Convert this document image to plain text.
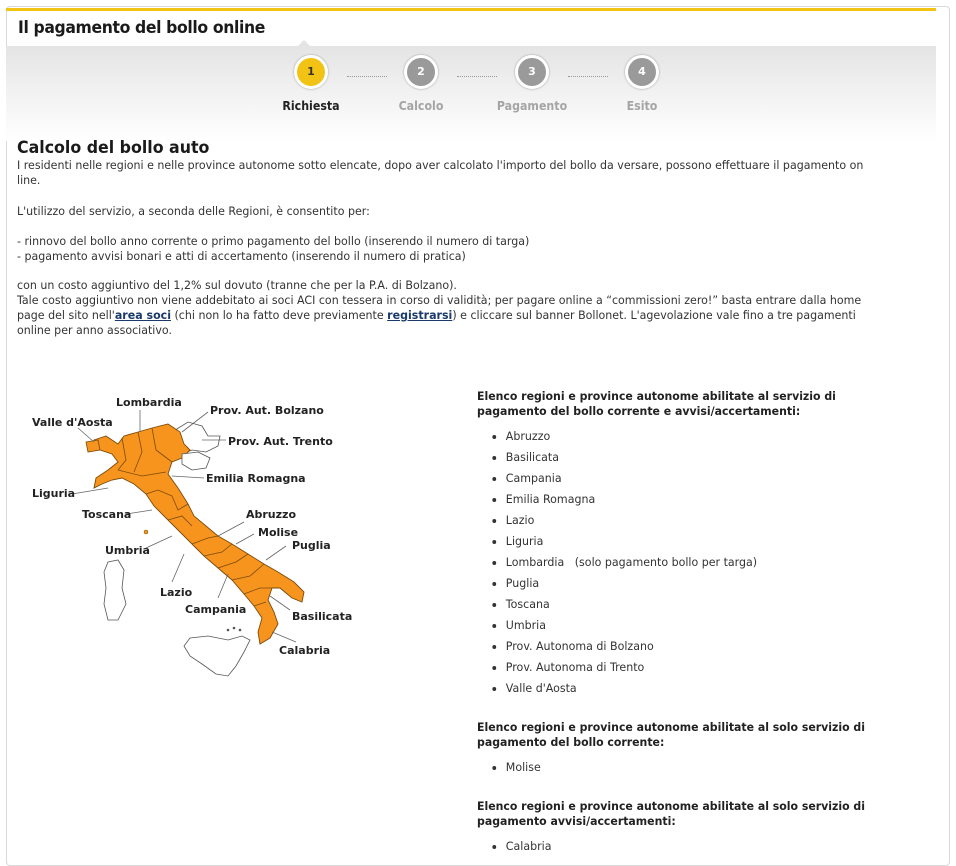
Il pagamento del bollo online
1
Richiesta
2
Calcolo
3
Pagamento
4
Esito
Calcolo del bollo auto
I residenti nelle regioni e nelle province autonome sotto elencate, dopo aver calcolato l'importo del bollo da versare, possono effettuare il pagamento on line.
L'utilizzo del servizio, a seconda delle Regioni, è consentito per:
- rinnovo del bollo anno corrente o primo pagamento del bollo (inserendo il numero di targa)
- pagamento avvisi bonari e atti di accertamento (inserendo il numero di pratica)
con un costo aggiuntivo del 1,2% sul dovuto (tranne che per la P.A. di Bolzano).
Tale costo aggiuntivo non viene addebitato ai soci ACI con tessera in corso di validità; per pagare online a “commissioni zero!” basta entrare dalla home page del sito nell'area soci (chi non lo ha fatto deve previamente registrarsi) e cliccare sul banner Bollonet. L'agevolazione vale fino a tre pagamenti online per anno associativo.
Lombardia
Prov. Aut. Bolzano
Valle d'Aosta
Prov. Aut. Trento
Emilia Romagna
Liguria
Toscana	Abruzzo
Molise
Umbria	Puglia
Lazio
Campania
Basilicata
Calabria
Elenco regioni e province autonome abilitate al servizio di pagamento del bollo corrente e avvisi/accertamenti:
• Abruzzo
• Basilicata
• Campania
• Emilia Romagna
• Lazio
• Liguria
• Lombardia   (solo pagamento bollo per targa)
• Puglia
• Toscana
• Umbria
• Prov. Autonoma di Bolzano
• Prov. Autonoma di Trento
• Valle d'Aosta
Elenco regioni e province autonome abilitate al solo servizio di pagamento del bollo corrente:
• Molise
Elenco regioni e province autonome abilitate al solo servizio di pagamento avvisi/accertamenti:
• Calabria
